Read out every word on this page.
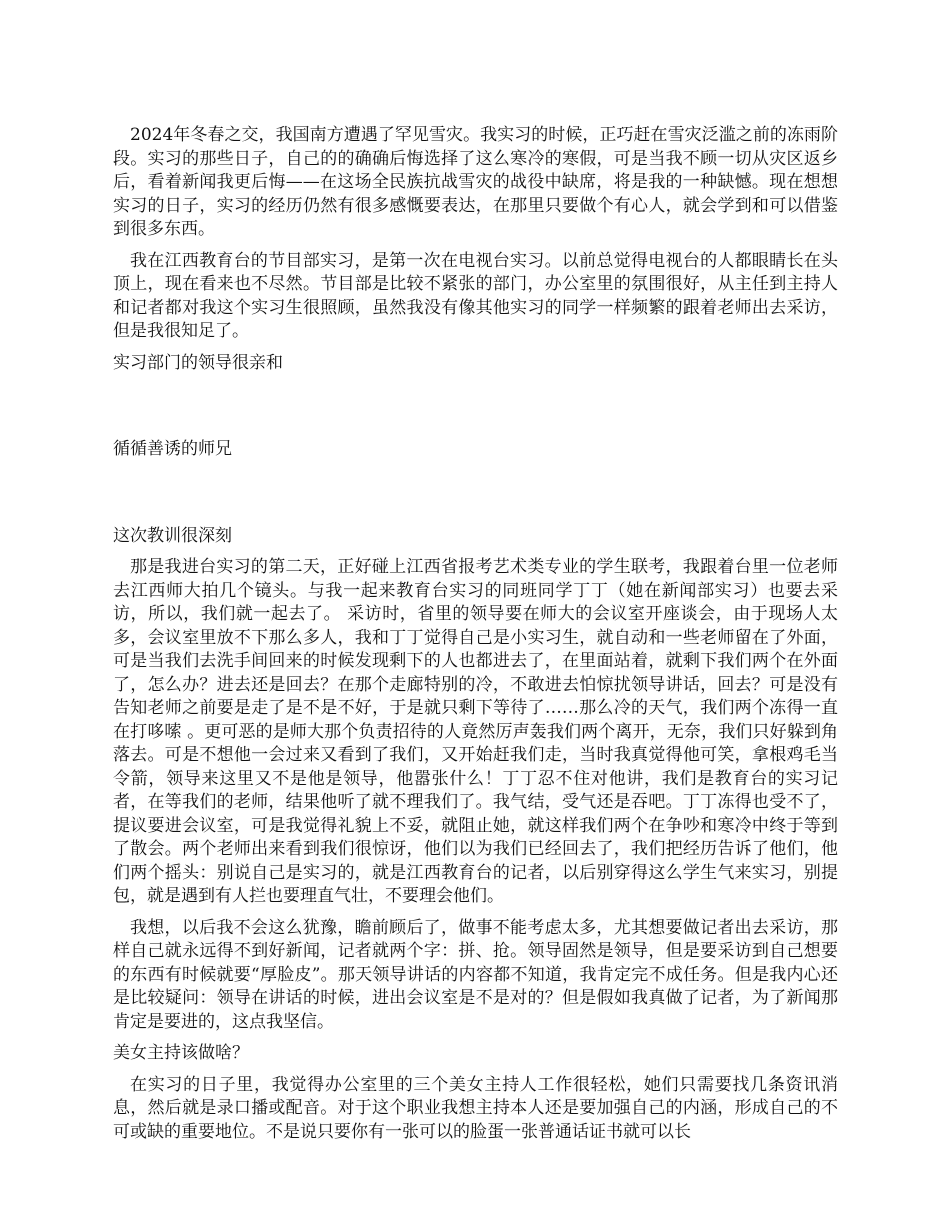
2024年冬春之交，我国南方遭遇了罕见雪灾。我实习的时候，正巧赶在雪灾泛滥之前的冻雨阶段。实习的那些日子，自己的的确确后悔选择了这么寒冷的寒假，可是当我不顾一切从灾区返乡后，看着新闻我更后悔——在这场全民族抗战雪灾的战役中缺席，将是我的一种缺憾。现在想想实习的日子，实习的经历仍然有很多感慨要表达，在那里只要做个有心人，就会学到和可以借鉴到很多东西。

我在江西教育台的节目部实习，是第一次在电视台实习。以前总觉得电视台的人都眼睛长在头顶上，现在看来也不尽然。节目部是比较不紧张的部门，办公室里的氛围很好，从主任到主持人和记者都对我这个实习生很照顾，虽然我没有像其他实习的同学一样频繁的跟着老师出去采访，但是我很知足了。

实习部门的领导很亲和

循循善诱的师兄

这次教训很深刻

那是我进台实习的第二天，正好碰上江西省报考艺术类专业的学生联考，我跟着台里一位老师去江西师大拍几个镜头。与我一起来教育台实习的同班同学丁丁（她在新闻部实习）也要去采访，所以，我们就一起去了。 采访时，省里的领导要在师大的会议室开座谈会，由于现场人太多，会议室里放不下那么多人，我和丁丁觉得自己是小实习生，就自动和一些老师留在了外面，可是当我们去洗手间回来的时候发现剩下的人也都进去了，在里面站着，就剩下我们两个在外面了，怎么办？进去还是回去？在那个走廊特别的冷，不敢进去怕惊扰领导讲话，回去？可是没有告知老师之前要是走了是不是不好，于是就只剩下等待了……那么冷的天气，我们两个冻得一直在打哆嗦 。更可恶的是师大那个负责招待的人竟然厉声轰我们两个离开，无奈，我们只好躲到角落去。可是不想他一会过来又看到了我们，又开始赶我们走，当时我真觉得他可笑，拿根鸡毛当令箭，领导来这里又不是他是领导，他嚣张什么！丁丁忍不住对他讲，我们是教育台的实习记者，在等我们的老师，结果他听了就不理我们了。我气结，受气还是吞吧。丁丁冻得也受不了，提议要进会议室，可是我觉得礼貌上不妥，就阻止她，就这样我们两个在争吵和寒冷中终于等到了散会。两个老师出来看到我们很惊讶，他们以为我们已经回去了，我们把经历告诉了他们，他们两个摇头：别说自己是实习的，就是江西教育台的记者，以后别穿得这么学生气来实习，别提包，就是遇到有人拦也要理直气壮，不要理会他们。

我想，以后我不会这么犹豫，瞻前顾后了，做事不能考虑太多，尤其想要做记者出去采访，那样自己就永远得不到好新闻，记者就两个字：拼、抢。领导固然是领导，但是要采访到自己想要的东西有时候就要“厚脸皮”。那天领导讲话的内容都不知道，我肯定完不成任务。但是我内心还是比较疑问：领导在讲话的时候，进出会议室是不是对的？但是假如我真做了记者，为了新闻那肯定是要进的，这点我坚信。

美女主持该做啥？

在实习的日子里，我觉得办公室里的三个美女主持人工作很轻松，她们只需要找几条资讯消息，然后就是录口播或配音。对于这个职业我想主持本人还是要加强自己的内涵，形成自己的不可或缺的重要地位。不是说只要你有一张可以的脸蛋一张普通话证书就可以长
